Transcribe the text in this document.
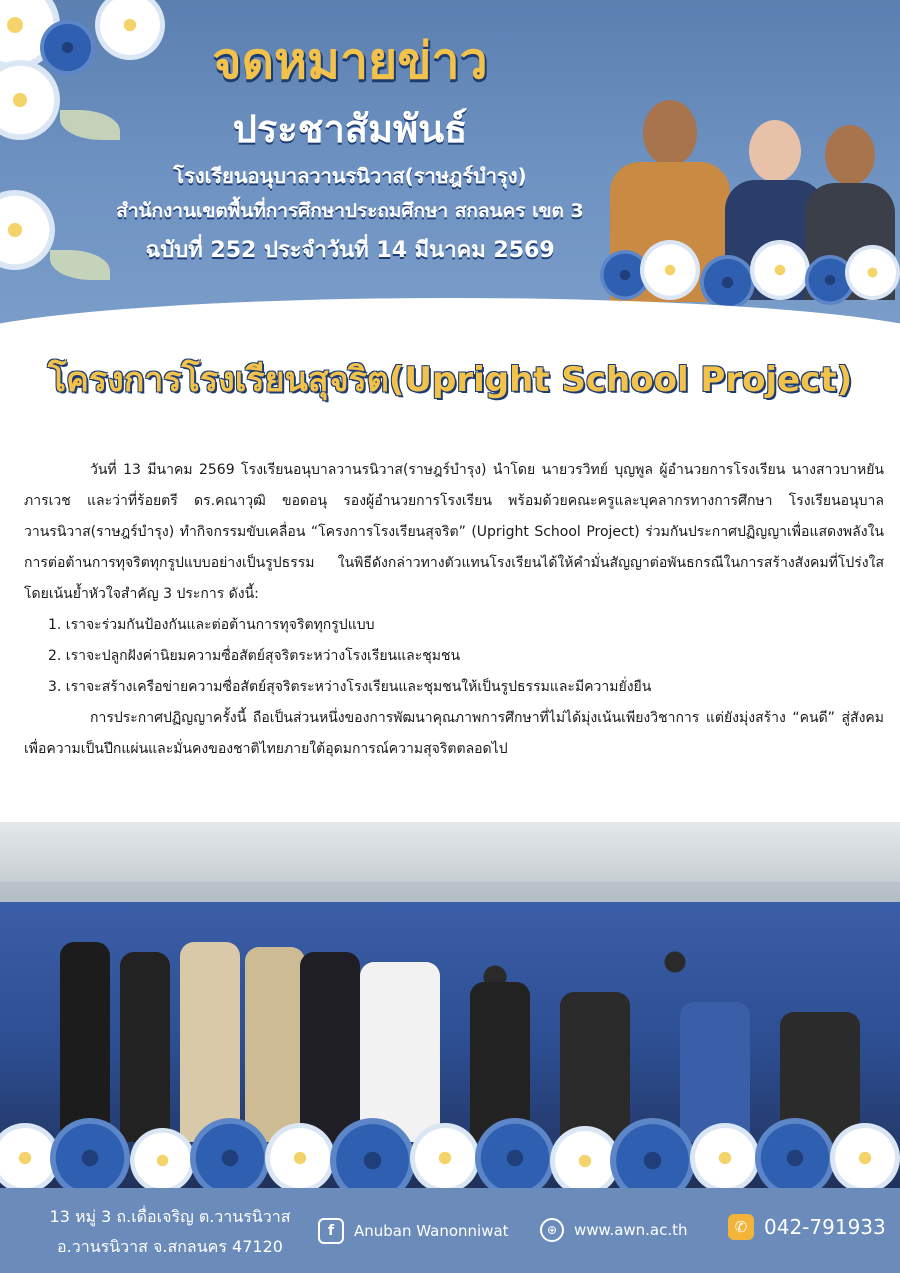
จดหมายข่าว
ประชาสัมพันธ์
โรงเรียนอนุบาลวานรนิวาส(ราษฎร์บำรุง)
สำนักงานเขตพื้นที่การศึกษาประถมศึกษา สกลนคร เขต 3
ฉบับที่ 252 ประจำวันที่ 14 มีนาคม 2569
โครงการโรงเรียนสุจริต(Upright School Project)

วันที่ 13 มีนาคม 2569 โรงเรียนอนุบาลวานรนิวาส(ราษฎร์บำรุง) นำโดย นายวรวิทย์ บุญพูล ผู้อำนวยการโรงเรียน นางสาวบาหยัน ภารเวช และว่าที่ร้อยตรี ดร.คณาวุฒิ ขอดอนุ รองผู้อำนวยการโรงเรียน พร้อมด้วยคณะครูและบุคลากรทางการศึกษา โรงเรียนอนุบาลวานรนิวาส(ราษฎร์บำรุง) ทำกิจกรรมขับเคลื่อน “โครงการโรงเรียนสุจริต” (Upright School Project) ร่วมกันประกาศปฏิญญาเพื่อแสดงพลังในการต่อต้านการทุจริตทุกรูปแบบอย่างเป็นรูปธรรม ในพิธีดังกล่าวทางตัวแทนโรงเรียนได้ให้คำมั่นสัญญาต่อพันธกรณีในการสร้างสังคมที่โปร่งใส โดยเน้นย้ำหัวใจสำคัญ 3 ประการ ดังนี้:

1. เราจะร่วมกันป้องกันและต่อต้านการทุจริตทุกรูปแบบ

2. เราจะปลูกฝังค่านิยมความซื่อสัตย์สุจริตระหว่างโรงเรียนและชุมชน

3. เราจะสร้างเครือข่ายความซื่อสัตย์สุจริตระหว่างโรงเรียนและชุมชนให้เป็นรูปธรรมและมีความยั่งยืน

การประกาศปฏิญญาครั้งนี้ ถือเป็นส่วนหนึ่งของการพัฒนาคุณภาพการศึกษาที่ไม่ได้มุ่งเน้นเพียงวิชาการ แต่ยังมุ่งสร้าง “คนดี” สู่สังคม เพื่อความเป็นปึกแผ่นและมั่นคงของชาติไทยภายใต้อุดมการณ์ความสุจริตตลอดไป

13 หมู่ 3 ถ.เดื่อเจริญ ต.วานรนิวาส
อ.วานรนิวาส จ.สกลนคร 47120
f	Anuban Wanonniwat	⊕	www.awn.ac.th	✆ 042-791933
